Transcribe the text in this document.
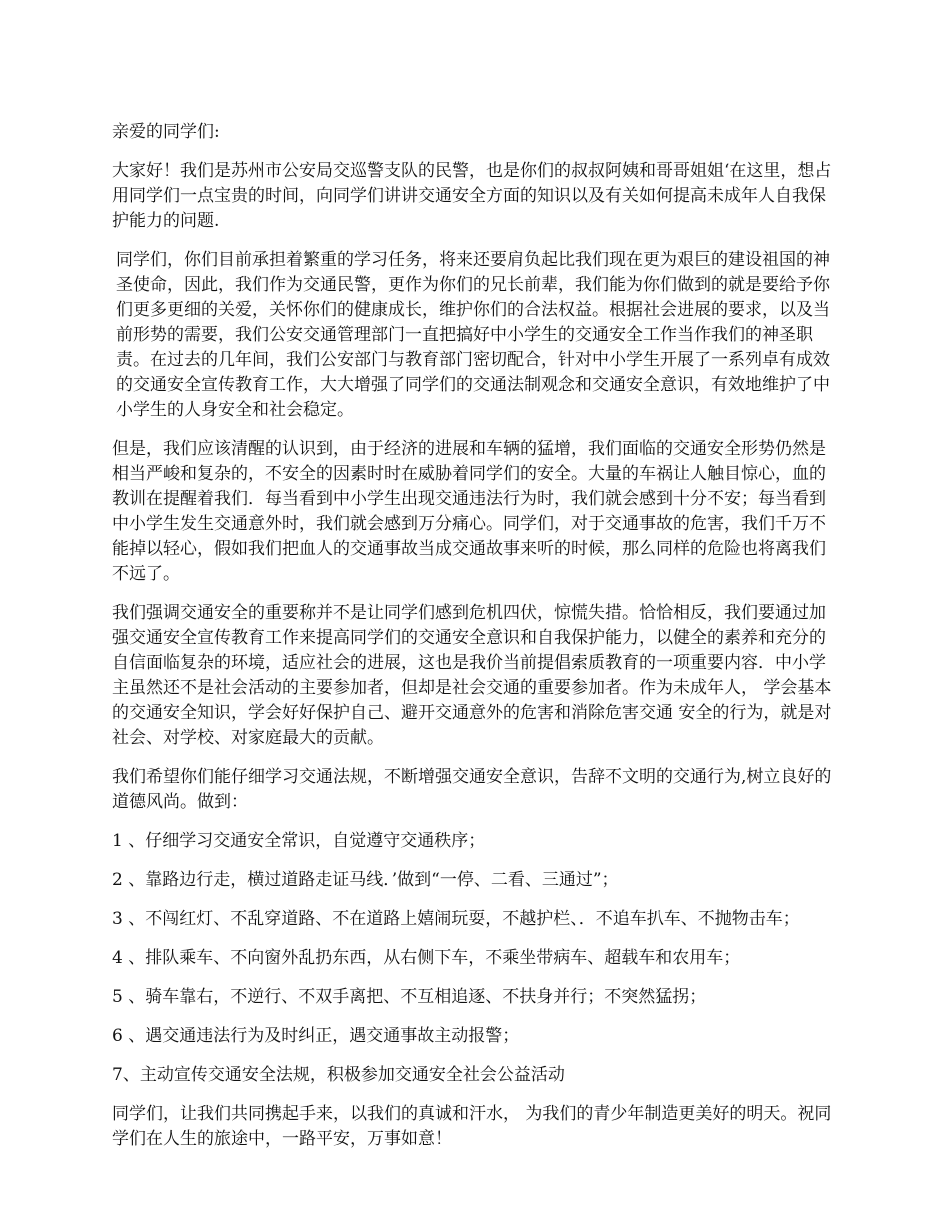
亲爱的同学们:

大家好！我们是苏州市公安局交巡警支队的民警，也是你们的叔叔阿姨和哥哥姐姐‘在这里，想占用同学们一点宝贵的时间，向同学们讲讲交通安全方面的知识以及有关如何提高未成年人自我保护能力的问题.

同学们，你们目前承担着繁重的学习任务，将来还要肩负起比我们现在更为艰巨的建设祖国的神圣使命，因此，我们作为交通民警，更作为你们的兄长前辈，我们能为你们做到的就是要给予你们更多更细的关爱，关怀你们的健康成长，维护你们的合法权益。根据社会进展的要求，以及当前形势的需要，我们公安交通管理部门一直把搞好中小学生的交通安全工作当作我们的神圣职责。在过去的几年间，我们公安部门与教育部门密切配合，针对中小学生开展了一系列卓有成效的交通安全宣传教育工作，大大增强了同学们的交通法制观念和交通安全意识，有效地维护了中小学生的人身安全和社会稳定。

但是，我们应该清醒的认识到，由于经济的进展和车辆的猛增，我们面临的交通安全形势仍然是相当严峻和复杂的，不安全的因素时时在威胁着同学们的安全。大量的车祸让人触目惊心，血的教训在提醒着我们．每当看到中小学生出现交通违法行为时，我们就会感到十分不安；每当看到中小学生发生交通意外时，我们就会感到万分痛心。同学们，对于交通事故的危害，我们千万不能掉以轻心，假如我们把血人的交通事故当成交通故事来听的时候，那么同样的危险也将离我们不远了。

我们强调交通安全的重要称并不是让同学们感到危机四伏，惊慌失措。恰恰相反，我们要通过加强交通安全宣传教育工作来提高同学们的交通安全意识和自我保护能力，以健全的素养和充分的自信面临复杂的环境，适应社会的进展，这也是我价当前提倡索质教育的一项重要内容．中小学主虽然还不是社会活动的主要参加者，但却是社会交通的重要参加者。作为未成年人， 学会基本的交通安全知识，学会好好保护自己、避开交通意外的危害和消除危害交通 安全的行为，就是对社会、对学校、对家庭最大的贡献。

我们希望你们能仔细学习交通法规，不断增强交通安全意识，告辞不文明的交通行为,树立良好的道德风尚。做到：

1 、仔细学习交通安全常识，自觉遵守交通秩序；

2 、靠路边行走，横过道路走证马线．’做到“一停、二看、三通过”；

3 、不闯红灯、不乱穿道路、不在道路上嬉闹玩耍，不越护栏、．不追车扒车、不抛物击车；

4 、排队乘车、不向窗外乱扔东西，从右侧下车，不乘坐带病车、超载车和农用车；

5 、骑车靠右，不逆行、不双手离把、不互相追逐、不扶身并行；不突然猛拐；

6 、遇交通违法行为及时纠正，遇交通事故主动报警；

7、主动宣传交通安全法规，积极参加交通安全社会公益活动

同学们，让我们共同携起手来，以我们的真诚和汗水， 为我们的青少年制造更美好的明天。祝同学们在人生的旅途中，一路平安，万事如意！
